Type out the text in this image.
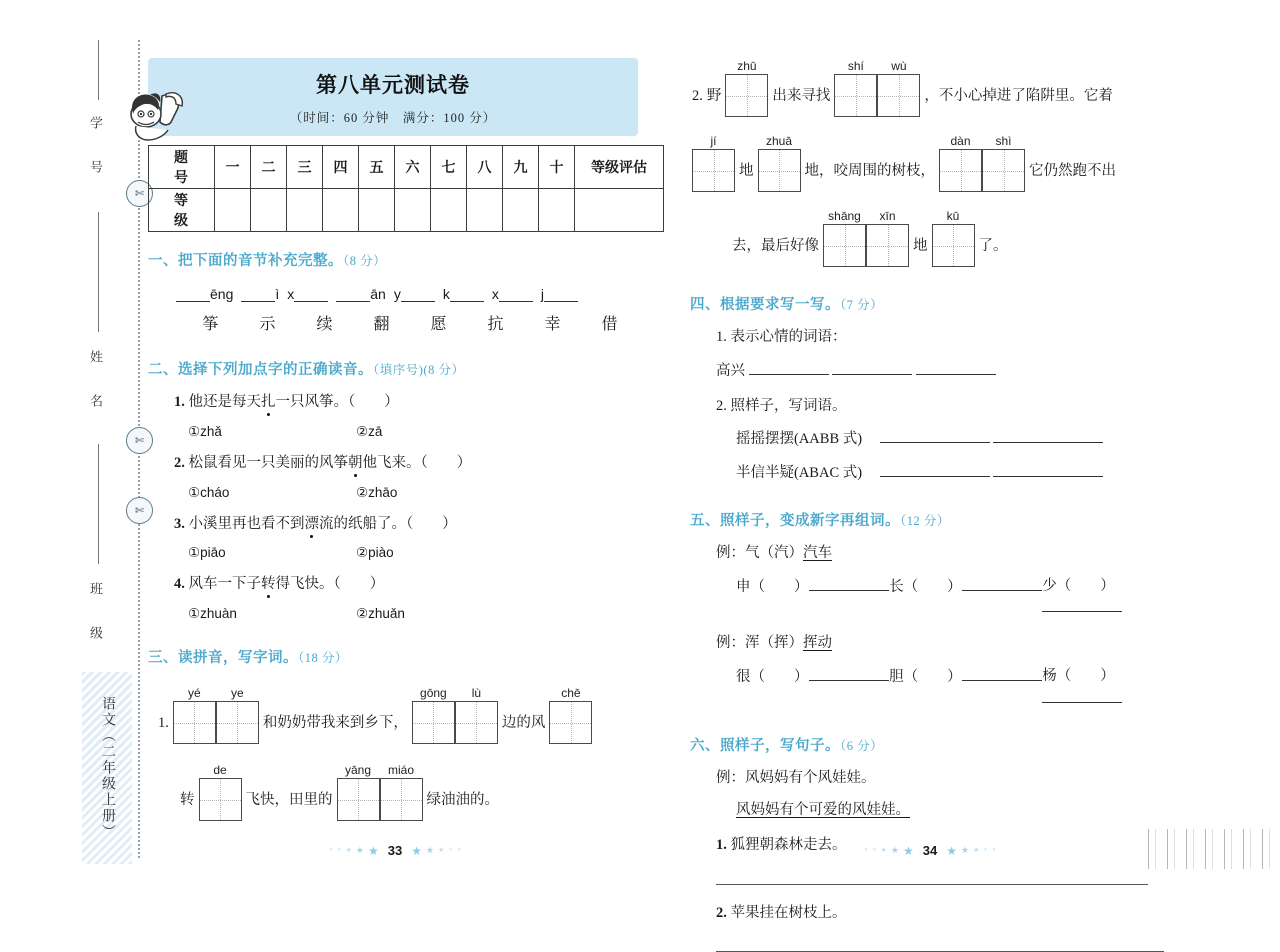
学　号
姓　名
班　级
✄
✄
✄
语文（二年级上册）
第八单元测试卷
（时间：60 分钟　满分：100 分）
题　号	一	二	三	四	五	六	七	八	九	十	等级评估
等　级											
一、把下面的音节补充完整。（8 分）
ēng	ì x	ān y	k	x	j
筝	示	续	翻	愿	抗	幸	借
二、选择下列加点字的正确读音。（填序号)(8 分）
1. 他还是每天扎一只风筝。（　　）
①zhǎ	②zā
2. 松鼠看见一只美丽的风筝朝他飞来。（　　）
①cháo	②zhāo
3. 小溪里再也看不到漂流的纸船了。（　　）
①piāo	②piào
4. 风车一下子转得飞快。（　　）
①zhuàn	②zhuǎn
三、读拼音，写字词。（18 分）
1.
yé	ye
和奶奶带我来到乡下，
gōng	lù
边的风
chē
转
de
飞快，田里的
yāng	miáo
绿油油的。
★ ★ ★ ★ ★ 33 ★ ★ ★ ★ ★
2. 野
zhū
出来寻找
shí	wù
，不小心掉进了陷阱里。它着
jí
地
zhuā
地，咬周围的树枝，
dàn	shì
它仍然跑不出
去，最后好像
shāng	xīn
地
kū
了。
四、根据要求写一写。（7 分）
1. 表示心情的词语：
高兴
2. 照样子，写词语。
摇摇摆摆(AABB 式)
半信半疑(ABAC 式)
五、照样子，变成新字再组词。（12 分）
例：气（汽）汽车
申（　　）	长（　　）	少（　　）
例：浑（挥）挥动
很（　　）	胆（　　）	杨（　　）
六、照样子，写句子。（6 分）
例：风妈妈有个风娃娃。
风妈妈有个可爱的风娃娃。
1. 狐狸朝森林走去。
2. 苹果挂在树枝上。
★ ★ ★ ★ ★ 34 ★ ★ ★ ★ ★
